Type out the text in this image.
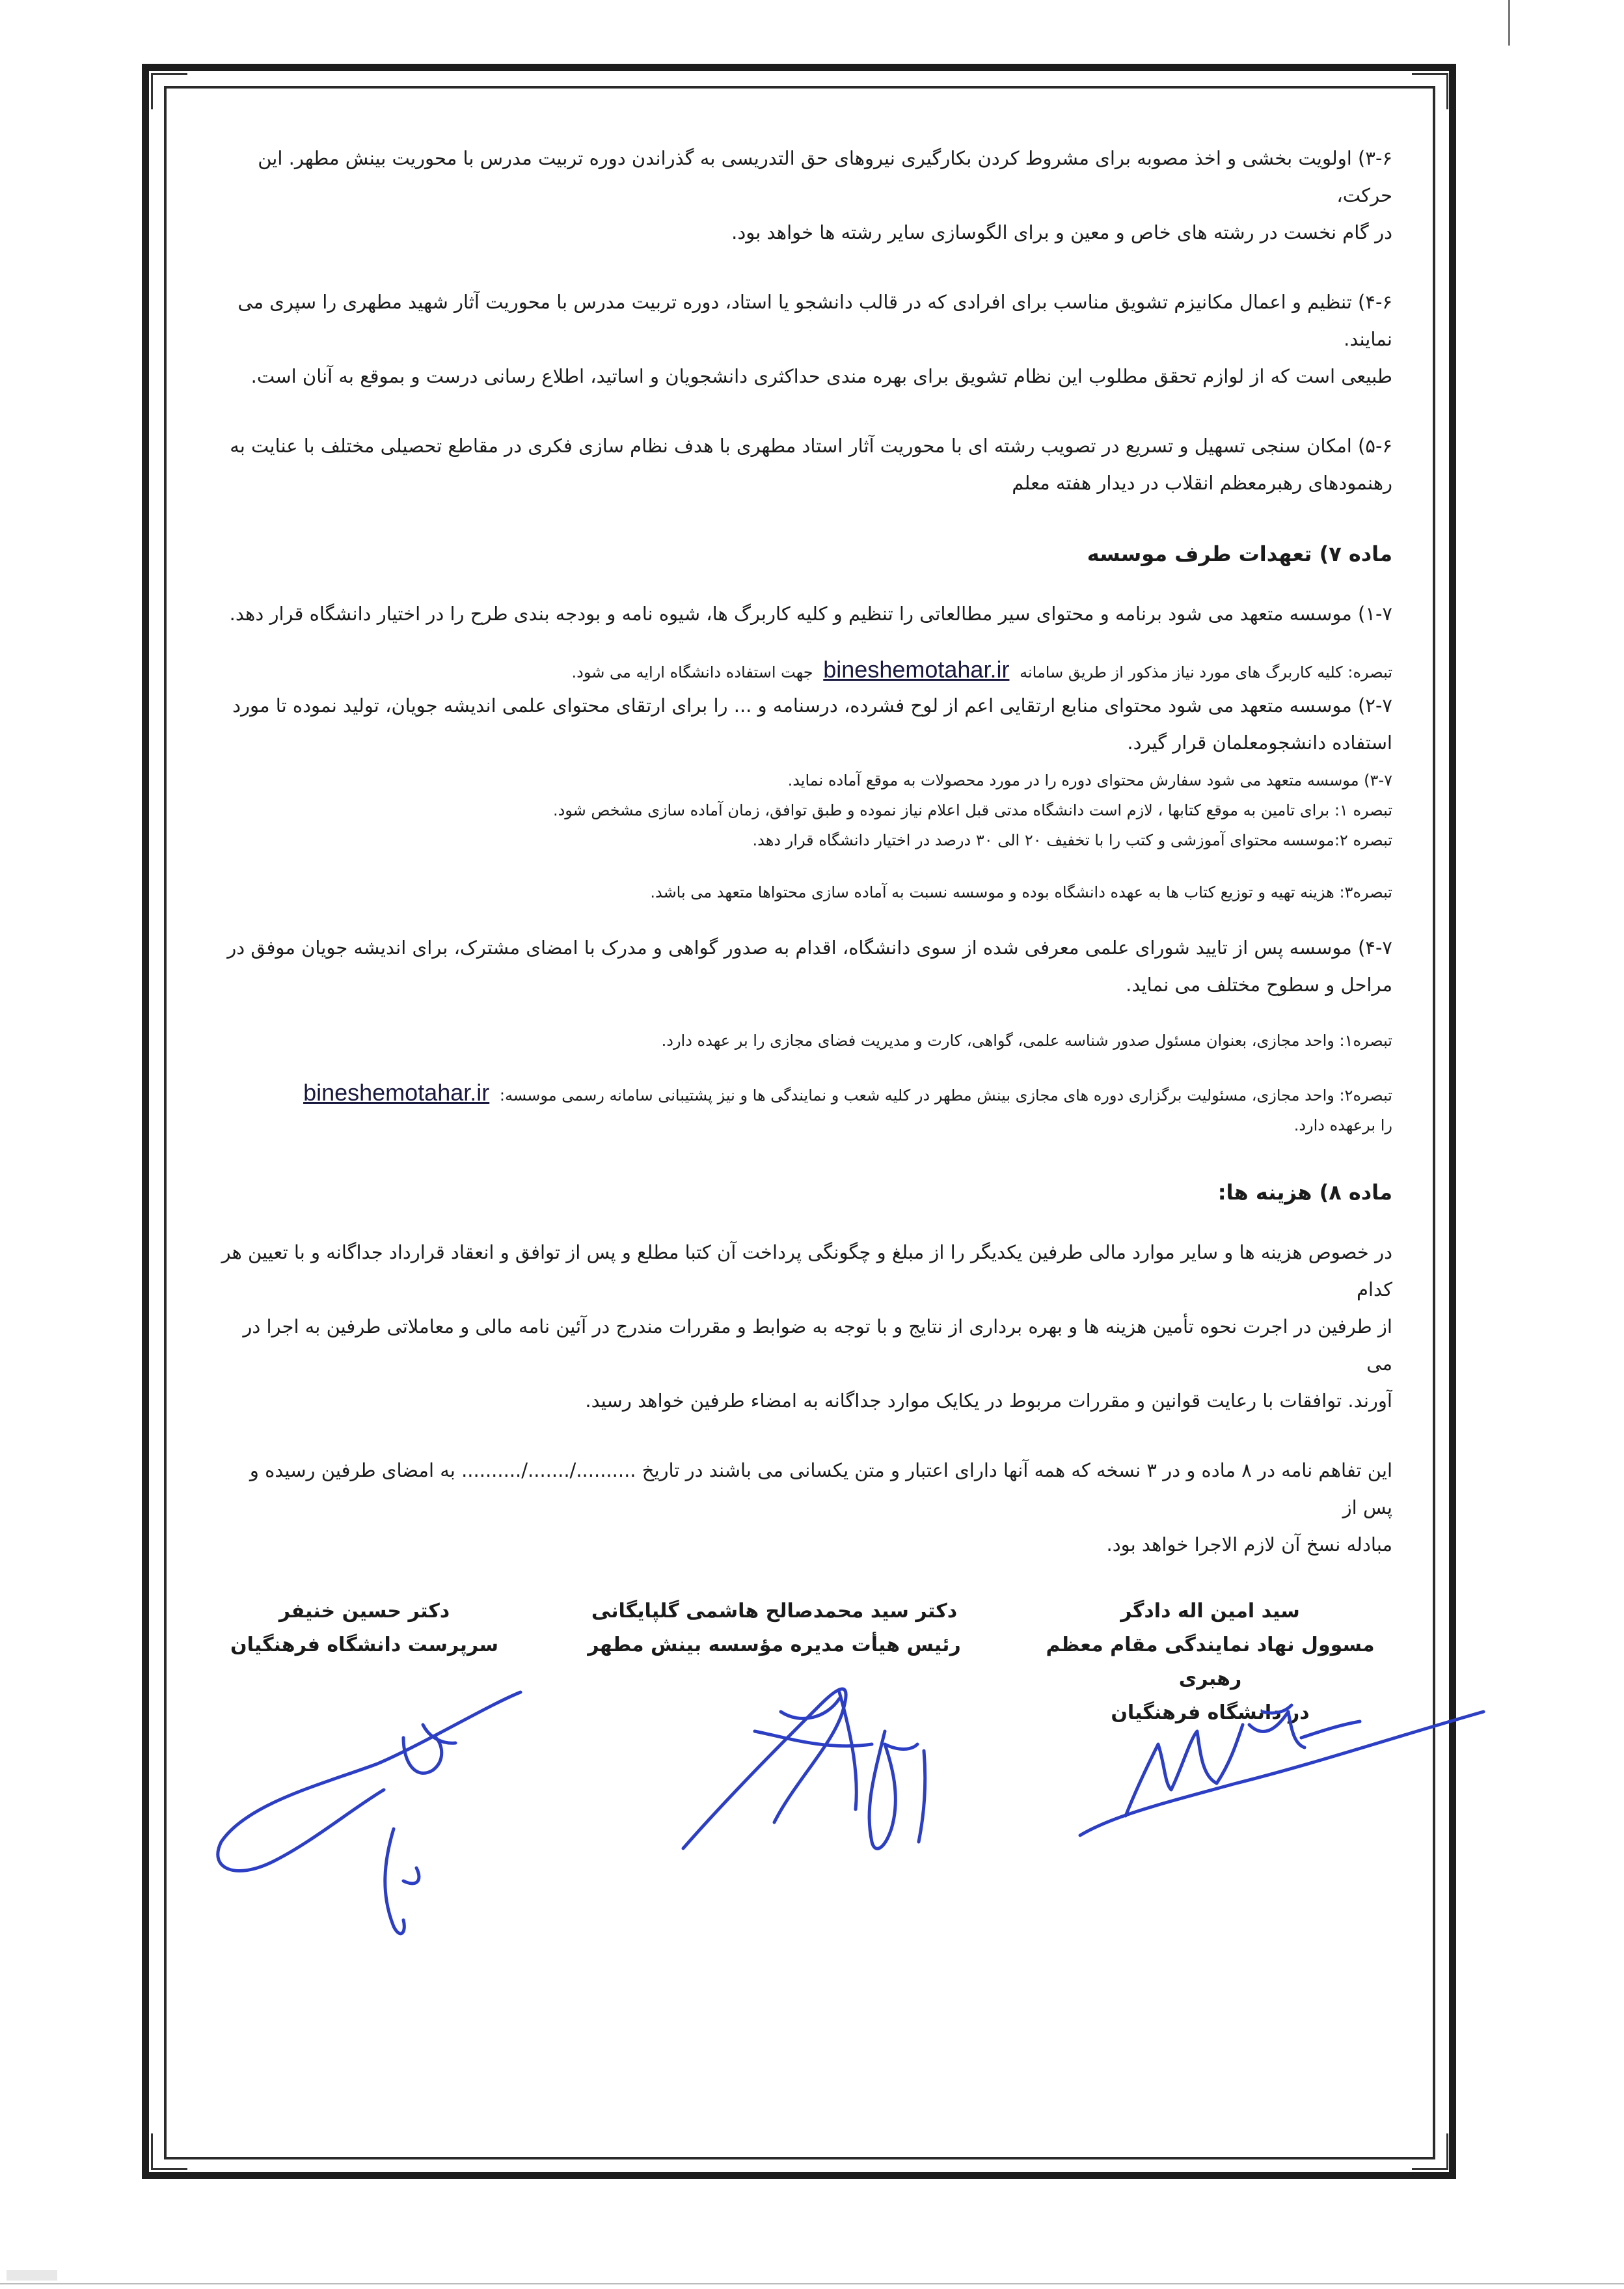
۳-۶) اولویت بخشی و اخذ مصوبه برای مشروط کردن بکارگیری نیروهای حق التدریسی به گذراندن دوره تربیت مدرس با محوریت بینش مطهر. این حرکت،

در گام نخست در رشته های خاص و معین و برای الگوسازی سایر رشته ها خواهد بود.

۴-۶) تنظیم و اعمال مکانیزم تشویق مناسب برای افرادی که در قالب دانشجو یا استاد، دوره تربیت مدرس با محوریت آثار شهید مطهری را سپری می نمایند.

طبیعی است که از لوازم تحقق مطلوب این نظام تشویق برای بهره مندی حداکثری دانشجویان و اساتید، اطلاع رسانی درست و بموقع به آنان است.

۵-۶) امکان سنجی تسهیل و تسریع در تصویب رشته ای با محوریت آثار استاد مطهری با هدف نظام سازی فکری در مقاطع تحصیلی مختلف با عنایت به

رهنمودهای رهبرمعظم انقلاب در دیدار هفته معلم

ماده ۷) تعهدات طرف موسسه

۱-۷) موسسه متعهد می شود برنامه و محتوای سیر مطالعاتی را تنظیم و کلیه کاربرگ ها، شیوه نامه و بودجه بندی طرح را در اختیار دانشگاه قرار دهد.

تبصره: کلیه کاربرگ های مورد نیاز مذکور از طریق سامانه bineshemotahar.ir جهت استفاده دانشگاه ارایه می شود.

۲-۷) موسسه متعهد می شود محتوای منابع ارتقایی اعم از لوح فشرده، درسنامه و ... را برای ارتقای محتوای علمی اندیشه جویان، تولید نموده تا مورد

استفاده دانشجومعلمان قرار گیرد.

۳-۷) موسسه متعهد می شود سفارش محتوای دوره را در مورد محصولات به موقع آماده نماید.

تبصره ۱: برای تامین به موقع کتابها ، لازم است دانشگاه مدتی قبل اعلام نیاز نموده و طبق توافق، زمان آماده سازی مشخص شود.

تبصره ۲:موسسه محتوای آموزشی و کتب را با تخفیف ۲۰ الی ۳۰ درصد در اختیار دانشگاه قرار دهد.

تبصره۳: هزینه تهیه و توزیع کتاب ها به عهده دانشگاه بوده و موسسه نسبت به آماده سازی محتواها متعهد می باشد.

۴-۷) موسسه پس از تایید شورای علمی معرفی شده از سوی دانشگاه، اقدام به صدور گواهی و مدرک با امضای مشترک، برای اندیشه جویان موفق در

مراحل و سطوح مختلف می نماید.

تبصره۱: واحد مجازی، بعنوان مسئول صدور شناسه علمی، گواهی، کارت و مدیریت فضای مجازی را بر عهده دارد.

تبصره۲: واحد مجازی، مسئولیت برگزاری دوره های مجازی بینش مطهر در کلیه شعب و نمایندگی ها و نیز پشتیبانی سامانه رسمی موسسه: bineshemotahar.ir

را برعهده دارد.

ماده ۸) هزینه ها:

در خصوص هزینه ها و سایر موارد مالی طرفین یکدیگر را از مبلغ و چگونگی پرداخت آن کتبا مطلع و پس از توافق و انعقاد قرارداد جداگانه و با تعیین هر کدام

از طرفین در اجرت نحوه تأمین هزینه ها و بهره برداری از نتایج و با توجه به ضوابط و مقررات مندرج در آئین نامه مالی و معاملاتی طرفین به اجرا در می

آورند. توافقات با رعایت قوانین و مقررات مربوط در یکایک موارد جداگانه به امضاء طرفین خواهد رسید.

این تفاهم نامه در ۸ ماده و در ۳ نسخه که همه آنها دارای اعتبار و متن یکسانی می باشند در تاریخ ........../......./.......... به امضای طرفین رسیده و پس از

مبادله نسخ آن لازم الاجرا خواهد بود.

دکتر حسین خنیفر
سرپرست دانشگاه فرهنگیان
دکتر سید محمدصالح هاشمی گلپایگانی
رئیس هیأت مدیره مؤسسه بینش مطهر
سید امین اله دادگر
مسوول نهاد نمایندگی مقام معظم رهبری
در دانشگاه فرهنگیان
